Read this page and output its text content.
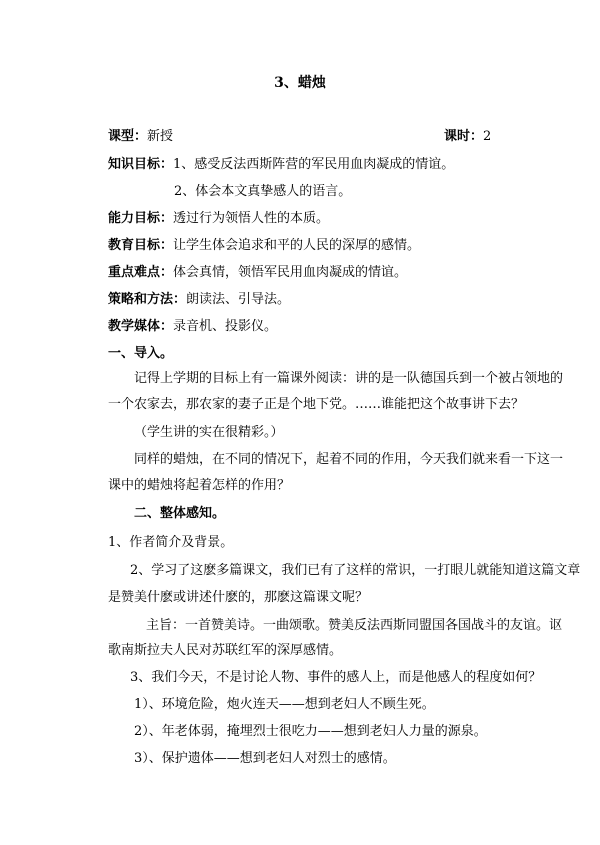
3、蜡烛
课型：新授	课时：2
知识目标：1、感受反法西斯阵营的军民用血肉凝成的情谊。
2、体会本文真挚感人的语言。
能力目标：透过行为领悟人性的本质。
教育目标：让学生体会追求和平的人民的深厚的感情。
重点难点：体会真情，领悟军民用血肉凝成的情谊。
策略和方法：朗读法、引导法。
教学媒体：录音机、投影仪。
一、导入。
记得上学期的目标上有一篇课外阅读：讲的是一队德国兵到一个被占领地的
一个农家去，那农家的妻子正是个地下党。……谁能把这个故事讲下去？
（学生讲的实在很精彩。）
同样的蜡烛，在不同的情况下，起着不同的作用，今天我们就来看一下这一
课中的蜡烛将起着怎样的作用？
二、整体感知。
1、作者简介及背景。
2、学习了这麽多篇课文，我们已有了这样的常识，一打眼儿就能知道这篇文章
是赞美什麽或讲述什麽的，那麽这篇课文呢？
主旨：一首赞美诗。一曲颂歌。赞美反法西斯同盟国各国战斗的友谊。讴
歌南斯拉夫人民对苏联红军的深厚感情。
3、我们今天，不是讨论人物、事件的感人上，而是他感人的程度如何？
1）、环境危险，炮火连天——想到老妇人不顾生死。
2）、年老体弱，掩埋烈士很吃力——想到老妇人力量的源泉。
3）、保护遗体——想到老妇人对烈士的感情。
